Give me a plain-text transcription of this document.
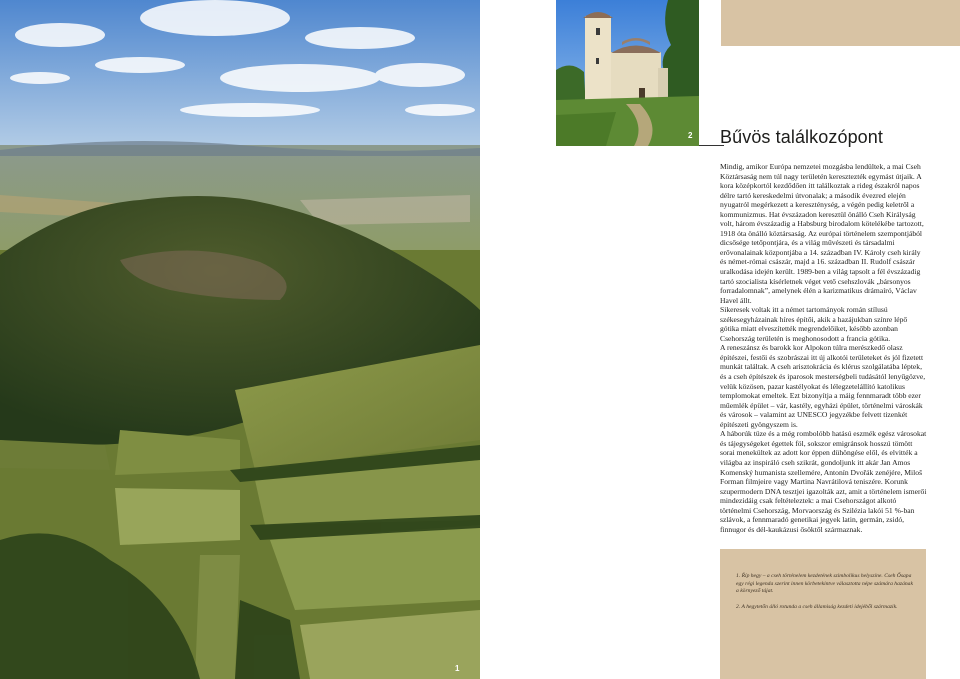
1
2 Bűvös találkozópont

Mindig, amikor Európa nemzetei mozgásba lendültek, a mai Cseh Köztársaság nem túl nagy területén keresztezték egymást útjaik. A kora középkortól kezdődően itt találkoztak a rideg északról napos délre tartó kereskedelmi útvonalak; a második évezred elején nyugatról megérkezett a kereszténység, a végén pedig keletről a kommunizmus. Hat évszázadon keresztül önálló Cseh Királyság volt, három évszázadig a Habsburg birodalom kötelékébe tartozott, 1918 óta önálló köztársaság. Az európai történelem szempontjából dicsősége tetőpontjára, és a világ művészeti és társadalmi erővonalainak központjába a 14. században IV. Károly cseh király és német-római császár, majd a 16. században II. Rudolf császár uralkodása idején került. 1989-ben a világ tapsolt a fél évszázadig tartó szocialista kísérletnek véget vető csehszlovák „bársonyos forradalomnak”, amelynek élén a karizmatikus drámaíró, Václav Havel állt.
Sikeresek voltak itt a német tartományok román stílusú székesegyházainak híres építői, akik a hazájukban színre lépő gótika miatt elveszítették megrendelőiket, később azonban Csehország területén is meghonosodott a francia gótika.
A reneszánsz és barokk kor Alpokon túlra merészkedő olasz építészei, festői és szobrászai itt új alkotói területeket és jól fizetett munkát találtak. A cseh arisztokrácia és klérus szolgálatába léptek, és a cseh építészek és iparosok mesterségbeli tudásától lenyűgözve, velük közösen, pazar kastélyokat és lélegzetelállító katolikus templomokat emeltek. Ezt bizonyítja a máig fennmaradt több ezer műemlék épület – vár, kastély, egyházi épület, történelmi városkák és városok – valamint az UNESCO jegyzékbe felvett tizenkét építészeti gyöngyszem is.
A háborúk tüze és a még rombolóbb hatású eszmék egész városokat és tájegységeket égettek föl, sokszor emigránsok hosszú tömött sorai menekültek az adott kor éppen dühöngése elől, és elvitték a világba az inspiráló cseh szikrát, gondoljunk itt akár Jan Amos Komenský humanista szellemére, Antonín Dvořák zenéjére, Miloš Forman filmjeire vagy Martina Navrátilová teniszére. Korunk szupermodern DNA tesztjei igazolták azt, amit a történelem ismerői mindezidáig csak feltételeztek: a mai Csehországot alkotó történelmi Csehország, Morvaország és Szilézia lakói 51 %-ban szlávok, a fennmaradó genetikai jegyek latin, germán, zsidó, finnugor és dél-kaukázusi ősöktől származnak.

1. Říp hegy – a cseh történelem kezdetének szimbolikus helyszíne. Cseh Ősapa egy régi legenda szerint innen körbetekintve választotta népe számára hazának a környező tájat.

2. A hegytetőn álló rotunda a cseh államiság kezdeti idejéből származik.
